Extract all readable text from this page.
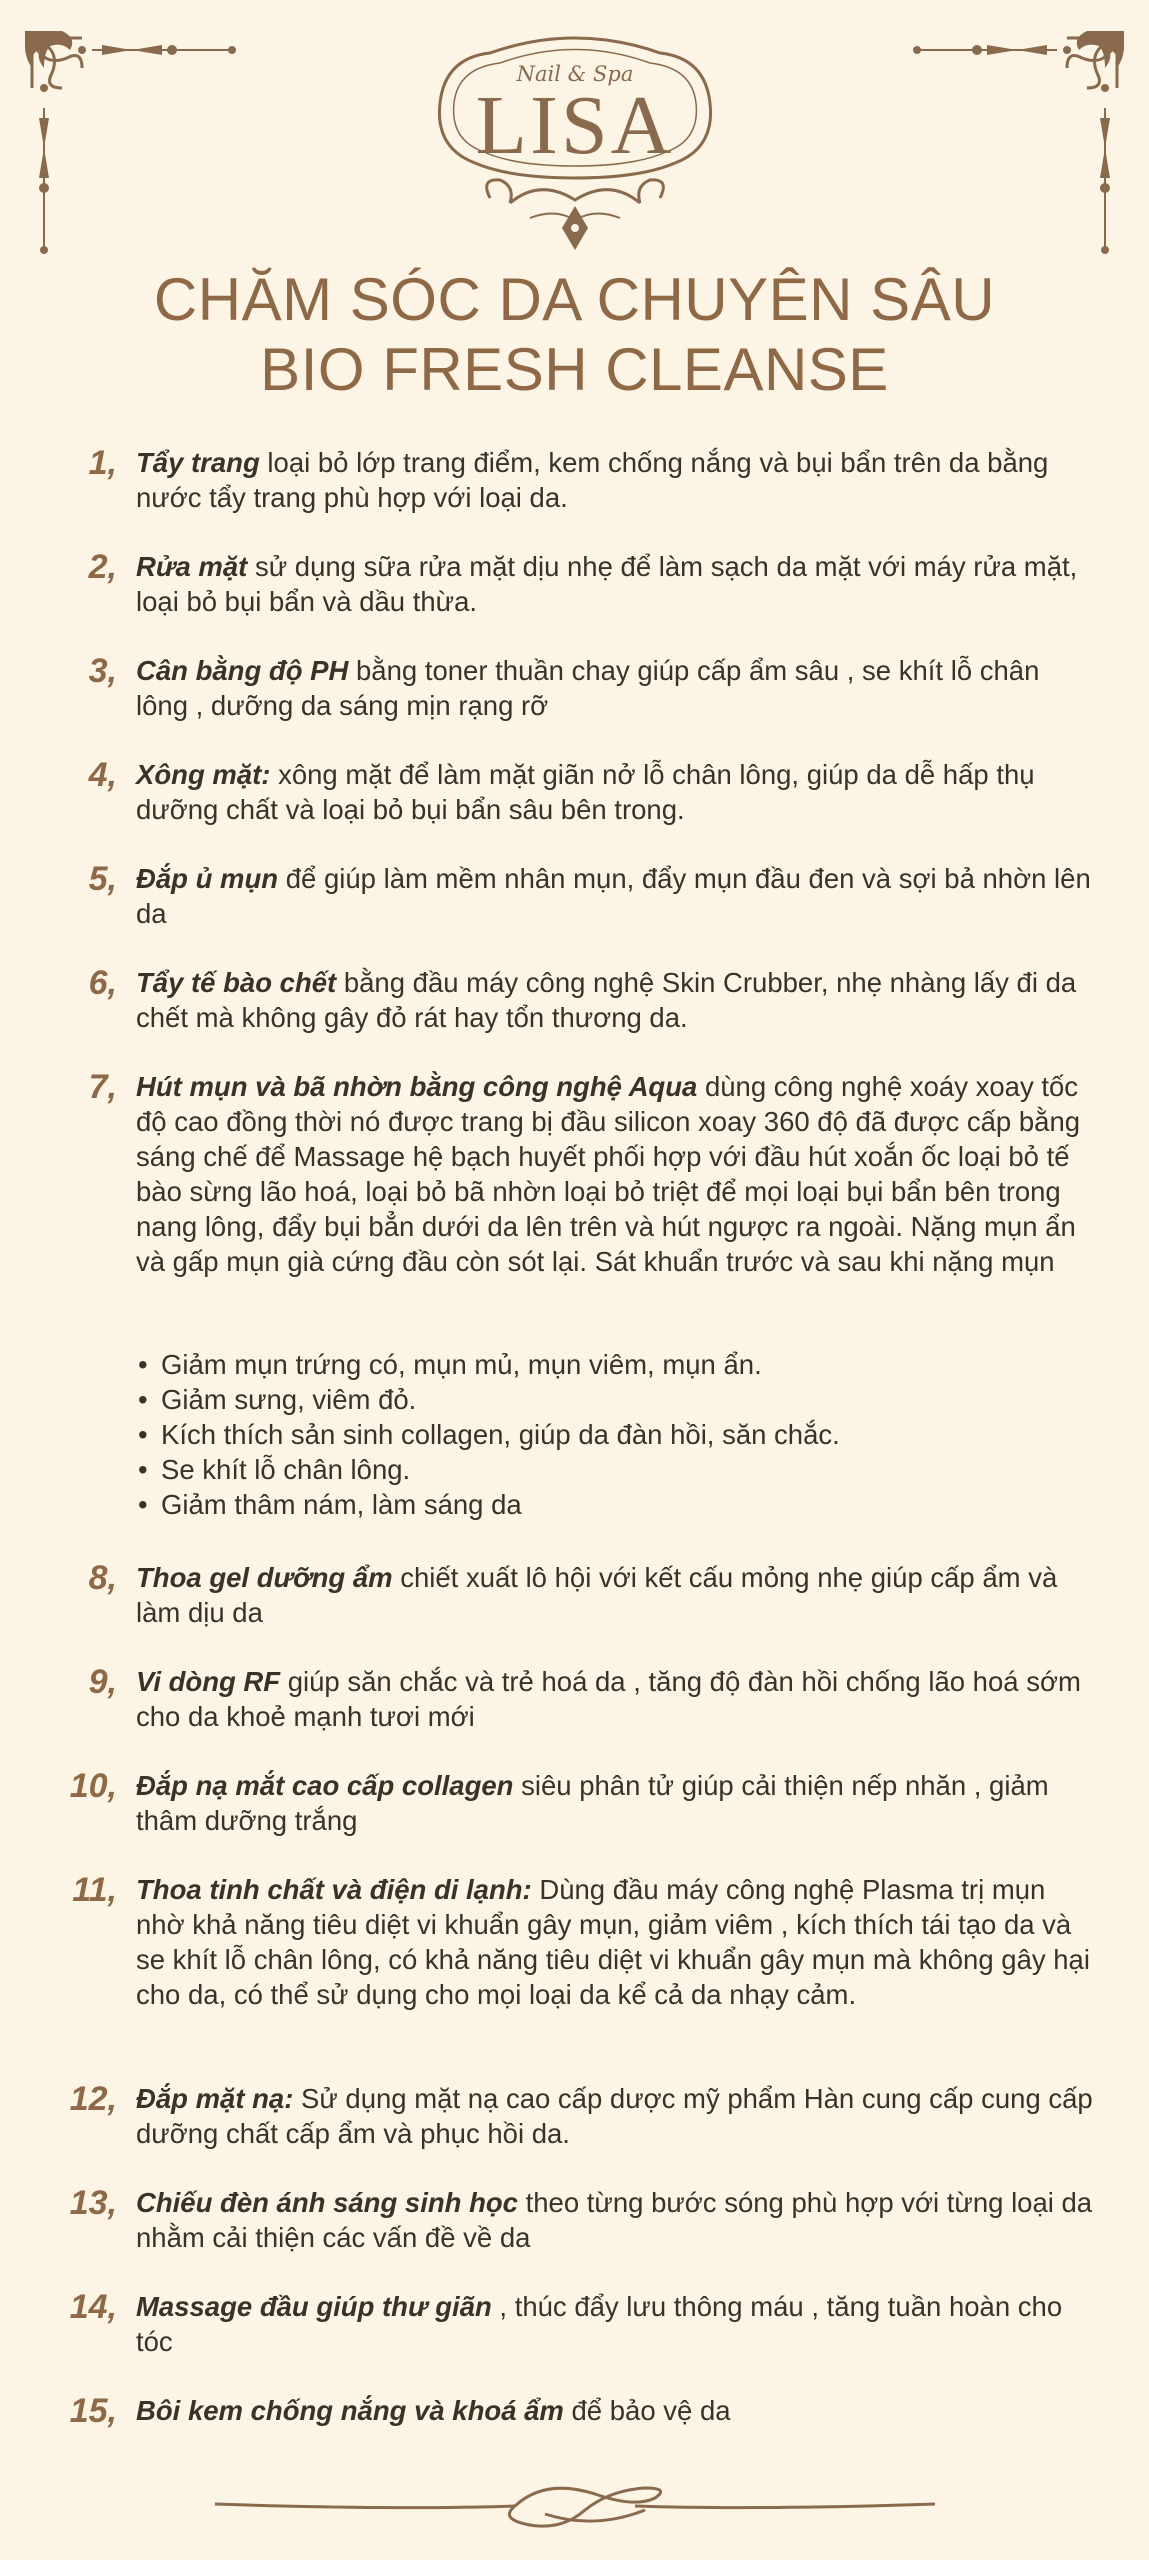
Nail & Spa
LISA
CHĂM SÓC DA CHUYÊN SÂU
BIO FRESH CLEANSE
1, Tẩy trang loại bỏ lớp trang điểm, kem chống nắng và bụi bẩn trên da bằng nước tẩy trang phù hợp với loại da.
2, Rửa mặt sử dụng sữa rửa mặt dịu nhẹ để làm sạch da mặt với máy rửa mặt, loại bỏ bụi bẩn và dầu thừa.
3, Cân bằng độ PH bằng toner thuần chay giúp cấp ẩm sâu , se khít lỗ chân lông , dưỡng da sáng mịn rạng rỡ
4, Xông mặt: xông mặt để làm mặt giãn nở lỗ chân lông, giúp da dễ hấp thụ dưỡng chất và loại bỏ bụi bẩn sâu bên trong.
5, Đắp ủ mụn để giúp làm mềm nhân mụn, đẩy mụn đầu đen và sợi bả nhờn lên da
6, Tẩy tế bào chết bằng đầu máy công nghệ Skin Crubber, nhẹ nhàng lấy đi da chết mà không gây đỏ rát hay tổn thương da.
7, Hút mụn và bã nhờn bằng công nghệ Aqua dùng công nghệ xoáy xoay tốc độ cao đồng thời nó được trang bị đầu silicon xoay 360 độ đã được cấp bằng sáng chế để Massage hệ bạch huyết phối hợp với đầu hút xoắn ốc loại bỏ tế bào sừng lão hoá, loại bỏ bã nhờn loại bỏ triệt để mọi loại bụi bẩn bên trong nang lông, đẩy bụi bẳn dưới da lên trên và hút ngược ra ngoài. Nặng mụn ẩn và gấp mụn già cứng đầu còn sót lại. Sát khuẩn trước và sau khi nặng mụn
• Giảm mụn trứng có, mụn mủ, mụn viêm, mụn ẩn.
• Giảm sưng, viêm đỏ.
• Kích thích sản sinh collagen, giúp da đàn hồi, săn chắc.
• Se khít lỗ chân lông.
• Giảm thâm nám, làm sáng da
8, Thoa gel dưỡng ẩm chiết xuất lô hội với kết cấu mỏng nhẹ giúp cấp ẩm và làm dịu da
9, Vi dòng RF giúp săn chắc và trẻ hoá da , tăng độ đàn hồi chống lão hoá sớm cho da khoẻ mạnh tươi mới
10, Đắp nạ mắt cao cấp collagen siêu phân tử giúp cải thiện nếp nhăn , giảm thâm dưỡng trắng
11, Thoa tinh chất và điện di lạnh: Dùng đầu máy công nghệ Plasma trị mụn nhờ khả năng tiêu diệt vi khuẩn gây mụn, giảm viêm , kích thích tái tạo da và se khít lỗ chân lông, có khả năng tiêu diệt vi khuẩn gây mụn mà không gây hại cho da, có thể sử dụng cho mọi loại da kể cả da nhạy cảm.
12, Đắp mặt nạ: Sử dụng mặt nạ cao cấp dược mỹ phẩm Hàn cung cấp cung cấp dưỡng chất cấp ẩm và phục hồi da.
13, Chiếu đèn ánh sáng sinh học theo từng bước sóng phù hợp với từng loại da nhằm cải thiện các vấn đề về da
14, Massage đầu giúp thư giãn , thúc đẩy lưu thông máu , tăng tuần hoàn cho tóc
15, Bôi kem chống nắng và khoá ẩm để bảo vệ da
